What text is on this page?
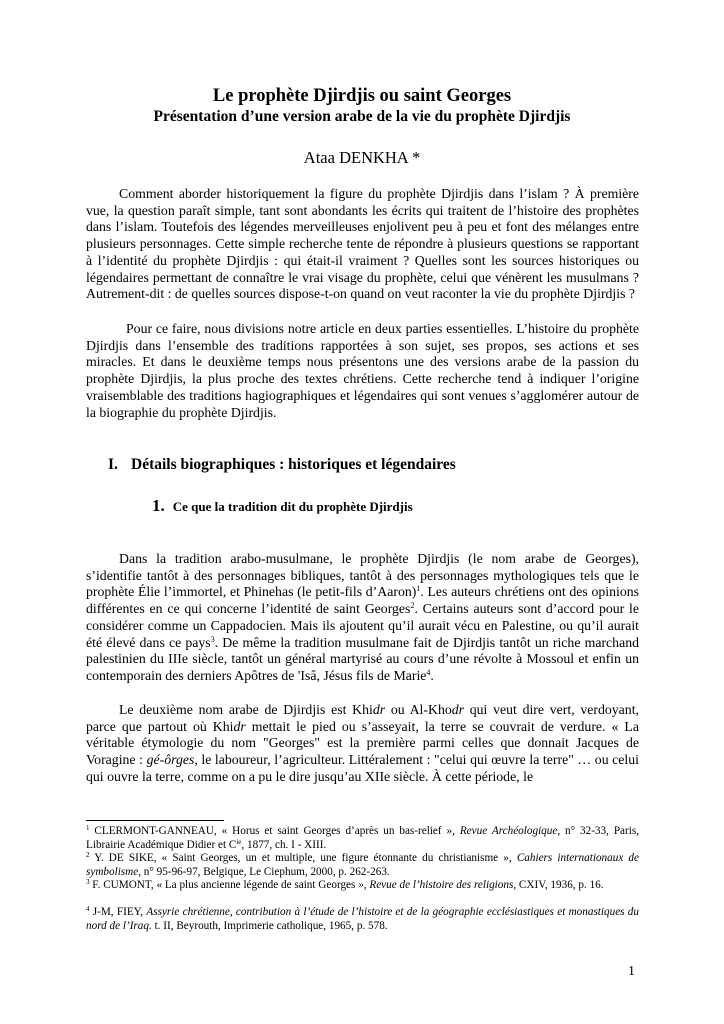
Le prophète Djirdjis ou saint Georges
Présentation d’une version arabe de la vie du prophète Djirdjis

Ataa DENKHA *

Comment aborder historiquement la figure du prophète Djirdjis dans l’islam ? À première vue, la question paraît simple, tant sont abondants les écrits qui traitent de l’histoire des prophètes dans l’islam. Toutefois des légendes merveilleuses enjolivent peu à peu et font des mélanges entre plusieurs personnages. Cette simple recherche tente de répondre à plusieurs questions se rapportant à l’identité du prophète Djirdjis : qui était-il vraiment ? Quelles sont les sources historiques ou légendaires permettant de connaître le vrai visage du prophète, celui que vénèrent les musulmans ? Autrement-dit : de quelles sources dispose-t-on quand on veut raconter la vie du prophète Djirdjis ?

Pour ce faire, nous divisions notre article en deux parties essentielles. L’histoire du prophète Djirdjis dans l’ensemble des traditions rapportées à son sujet, ses propos, ses actions et ses miracles. Et dans le deuxième temps nous présentons une des versions arabe de la passion du prophète Djirdjis, la plus proche des textes chrétiens. Cette recherche tend à indiquer l’origine vraisemblable des traditions hagiographiques et légendaires qui sont venues s’agglomérer autour de la biographie du prophète Djirdjis.

I. Détails biographiques : historiques et légendaires
1. Ce que la tradition dit du prophète Djirdjis

Dans la tradition arabo-musulmane, le prophète Djirdjis (le nom arabe de Georges), s’identifie tantôt à des personnages bibliques, tantôt à des personnages mythologiques tels que le prophète Élie l’immortel, et Phinehas (le petit-fils d’Aaron)$^1$. Les auteurs chrétiens ont des opinions différentes en ce qui concerne l’identité de saint Georges$^2$. Certains auteurs sont d’accord pour le considérer comme un Cappadocien. Mais ils ajoutent qu’il aurait vécu en Palestine, ou qu’il aurait été élevé dans ce pays$^3$. De même la tradition musulmane fait de Djirdjis tantôt un riche marchand palestinien du IIIe siècle, tantôt un général martyrisé au cours d’une révolte à Mossoul et enfin un contemporain des derniers Apôtres de 'Isâ, Jésus fils de Marie$^4$.

Le deuxième nom arabe de Djirdjis est Khidr ou Al-Khodr qui veut dire vert, verdoyant, parce que partout où Khidr mettait le pied ou s’asseyait, la terre se couvrait de verdure. « La véritable étymologie du nom "Georges" est la première parmi celles que donnait Jacques de Voragine : gé-ôrges, le laboureur, l’agriculteur. Littéralement : "celui qui œuvre la terre" … ou celui qui ouvre la terre, comme on a pu le dire jusqu’au XIIe siècle. À cette période, le

$^1$ CLERMONT-GANNEAU, « Horus et saint Georges d’après un bas-relief », Revue Archéologique, n° 32-33, Paris, Librairie Académique Didier et $C^{ie}$, 1877, ch. I - XIII.

$^2$ Y. DE SIKE, « Saint Georges, un et multiple, une figure étonnante du christianisme », Cahiers internationaux de symbolisme, n° 95-96-97, Belgique, Le Ciephum, 2000, p. 262-263.

$^3$ F. CUMONT, « La plus ancienne légende de saint Georges », Revue de l’histoire des religions, CXIV, 1936, p. 16.

$^4$ J-M, FIEY, Assyrie chrétienne, contribution à l’étude de l’histoire et de la géographie ecclésiastiques et monastiques du nord de l’Iraq. t. II, Beyrouth, Imprimerie catholique, 1965, p. 578.

1
